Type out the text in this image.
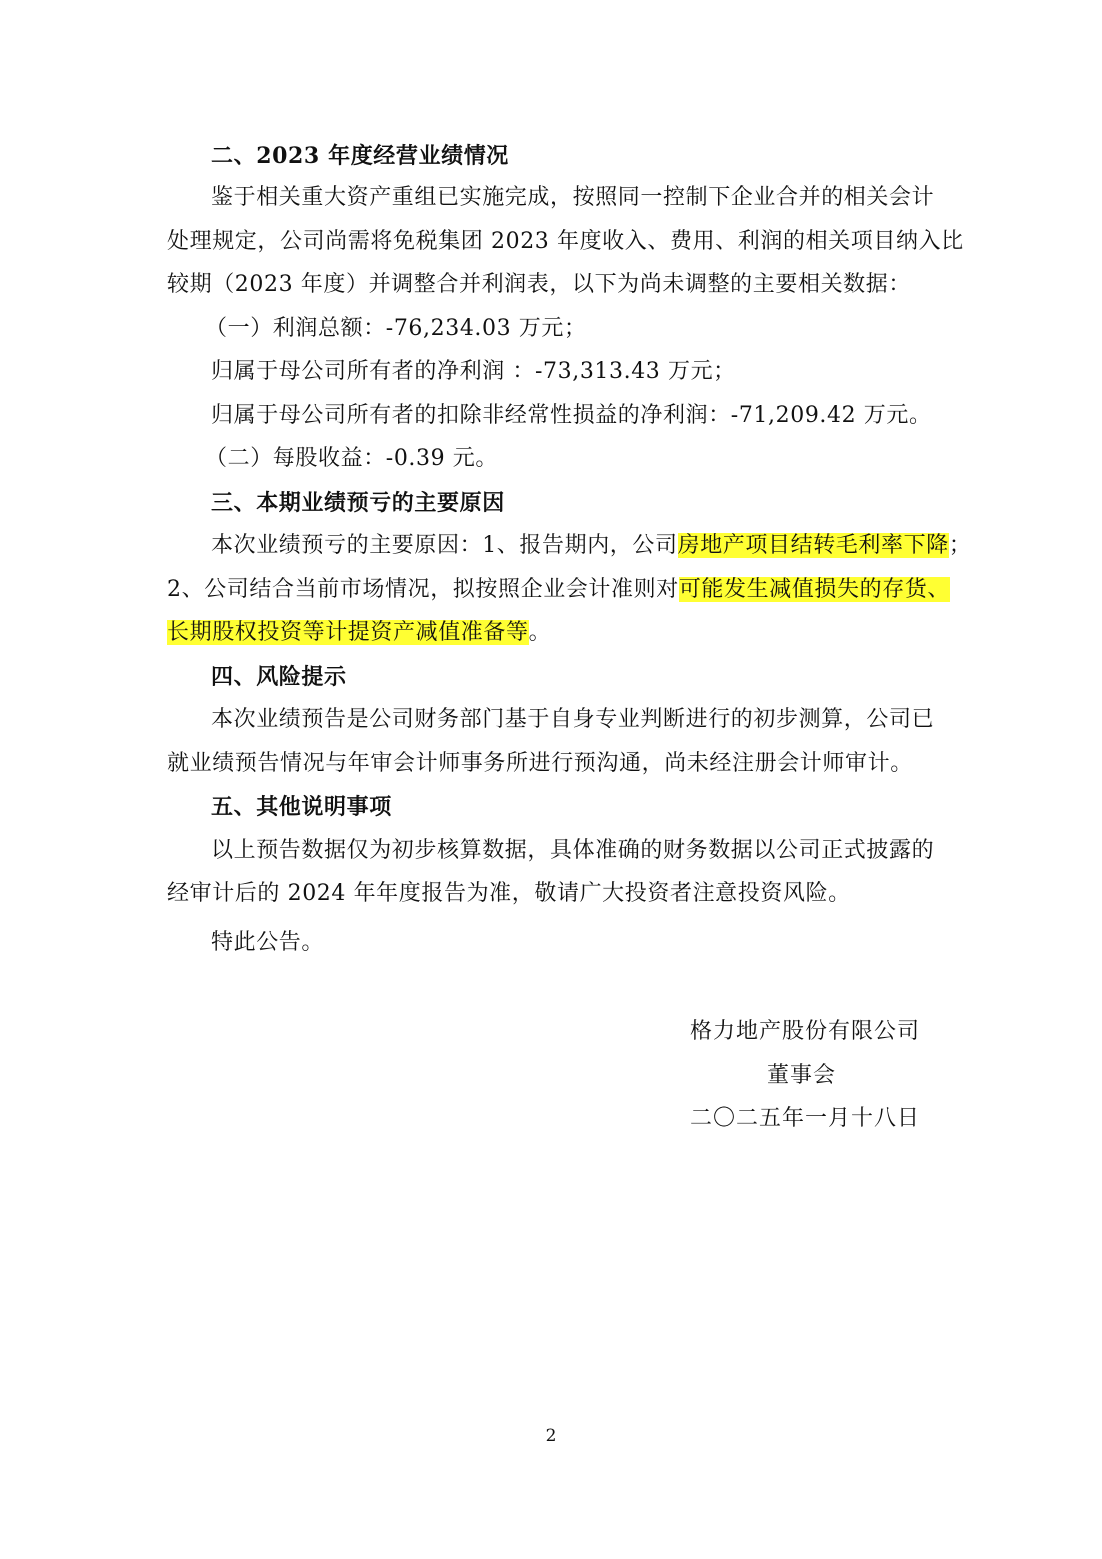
二、2023 年度经营业绩情况
鉴于相关重大资产重组已实施完成，按照同一控制下企业合并的相关会计
处理规定，公司尚需将免税集团 2023 年度收入、费用、利润的相关项目纳入比
较期（2023 年度）并调整合并利润表，以下为尚未调整的主要相关数据：
（一）利润总额：-76,234.03 万元；
归属于母公司所有者的净利润 ：-73,313.43 万元；
归属于母公司所有者的扣除非经常性损益的净利润：-71,209.42 万元。
（二）每股收益：-0.39 元。
三、本期业绩预亏的主要原因
本次业绩预亏的主要原因：1、报告期内，公司房地产项目结转毛利率下降；
2、公司结合当前市场情况，拟按照企业会计准则对可能发生减值损失的存货、
长期股权投资等计提资产减值准备等。
四、风险提示
本次业绩预告是公司财务部门基于自身专业判断进行的初步测算，公司已
就业绩预告情况与年审会计师事务所进行预沟通，尚未经注册会计师审计。
五、其他说明事项
以上预告数据仅为初步核算数据，具体准确的财务数据以公司正式披露的
经审计后的 2024 年年度报告为准，敬请广大投资者注意投资风险。
特此公告。
格力地产股份有限公司
董事会
二〇二五年一月十八日
2
